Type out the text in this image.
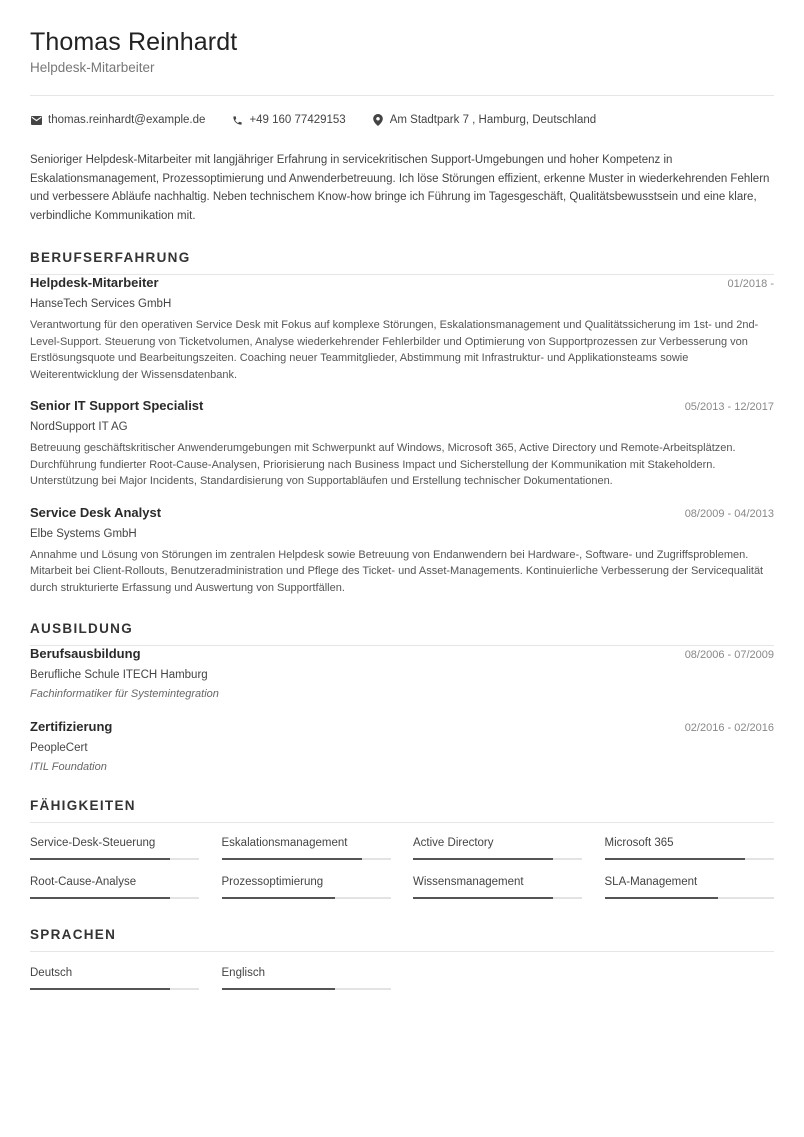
Thomas Reinhardt
Helpdesk-Mitarbeiter
thomas.reinhardt@example.de	+49 160 77429153	Am Stadtpark 7 , Hamburg, Deutschland
Senioriger Helpdesk-Mitarbeiter mit langjähriger Erfahrung in servicekritischen Support-Umgebungen und hoher Kompetenz in Eskalationsmanagement, Prozessoptimierung und Anwenderbetreuung. Ich löse Störungen effizient, erkenne Muster in wiederkehrenden Fehlern und verbessere Abläufe nachhaltig. Neben technischem Know-how bringe ich Führung im Tagesgeschäft, Qualitätsbewusstsein und eine klare, verbindliche Kommunikation mit.
BERUFSERFAHRUNG
Helpdesk-Mitarbeiter	01/2018 -
HanseTech Services GmbH
Verantwortung für den operativen Service Desk mit Fokus auf komplexe Störungen, Eskalationsmanagement und Qualitätssicherung im 1st- und 2nd-Level-Support. Steuerung von Ticketvolumen, Analyse wiederkehrender Fehlerbilder und Optimierung von Supportprozessen zur Verbesserung von Erstlösungsquote und Bearbeitungszeiten. Coaching neuer Teammitglieder, Abstimmung mit Infrastruktur- und Applikationsteams sowie Weiterentwicklung der Wissensdatenbank.
Senior IT Support Specialist	05/2013 - 12/2017
NordSupport IT AG
Betreuung geschäftskritischer Anwenderumgebungen mit Schwerpunkt auf Windows, Microsoft 365, Active Directory und Remote-Arbeitsplätzen. Durchführung fundierter Root-Cause-Analysen, Priorisierung nach Business Impact und Sicherstellung der Kommunikation mit Stakeholdern. Unterstützung bei Major Incidents, Standardisierung von Supportabläufen und Erstellung technischer Dokumentationen.
Service Desk Analyst	08/2009 - 04/2013
Elbe Systems GmbH
Annahme und Lösung von Störungen im zentralen Helpdesk sowie Betreuung von Endanwendern bei Hardware-, Software- und Zugriffsproblemen. Mitarbeit bei Client-Rollouts, Benutzeradministration und Pflege des Ticket- und Asset-Managements. Kontinuierliche Verbesserung der Servicequalität durch strukturierte Erfassung und Auswertung von Supportfällen.
AUSBILDUNG
Berufsausbildung	08/2006 - 07/2009
Berufliche Schule ITECH Hamburg
Fachinformatiker für Systemintegration
Zertifizierung	02/2016 - 02/2016
PeopleCert
ITIL Foundation
FÄHIGKEITEN
Service-Desk-Steuerung	Eskalationsmanagement	Active Directory	Microsoft 365
Root-Cause-Analyse	Prozessoptimierung	Wissensmanagement	SLA-Management
SPRACHEN
Deutsch	Englisch
